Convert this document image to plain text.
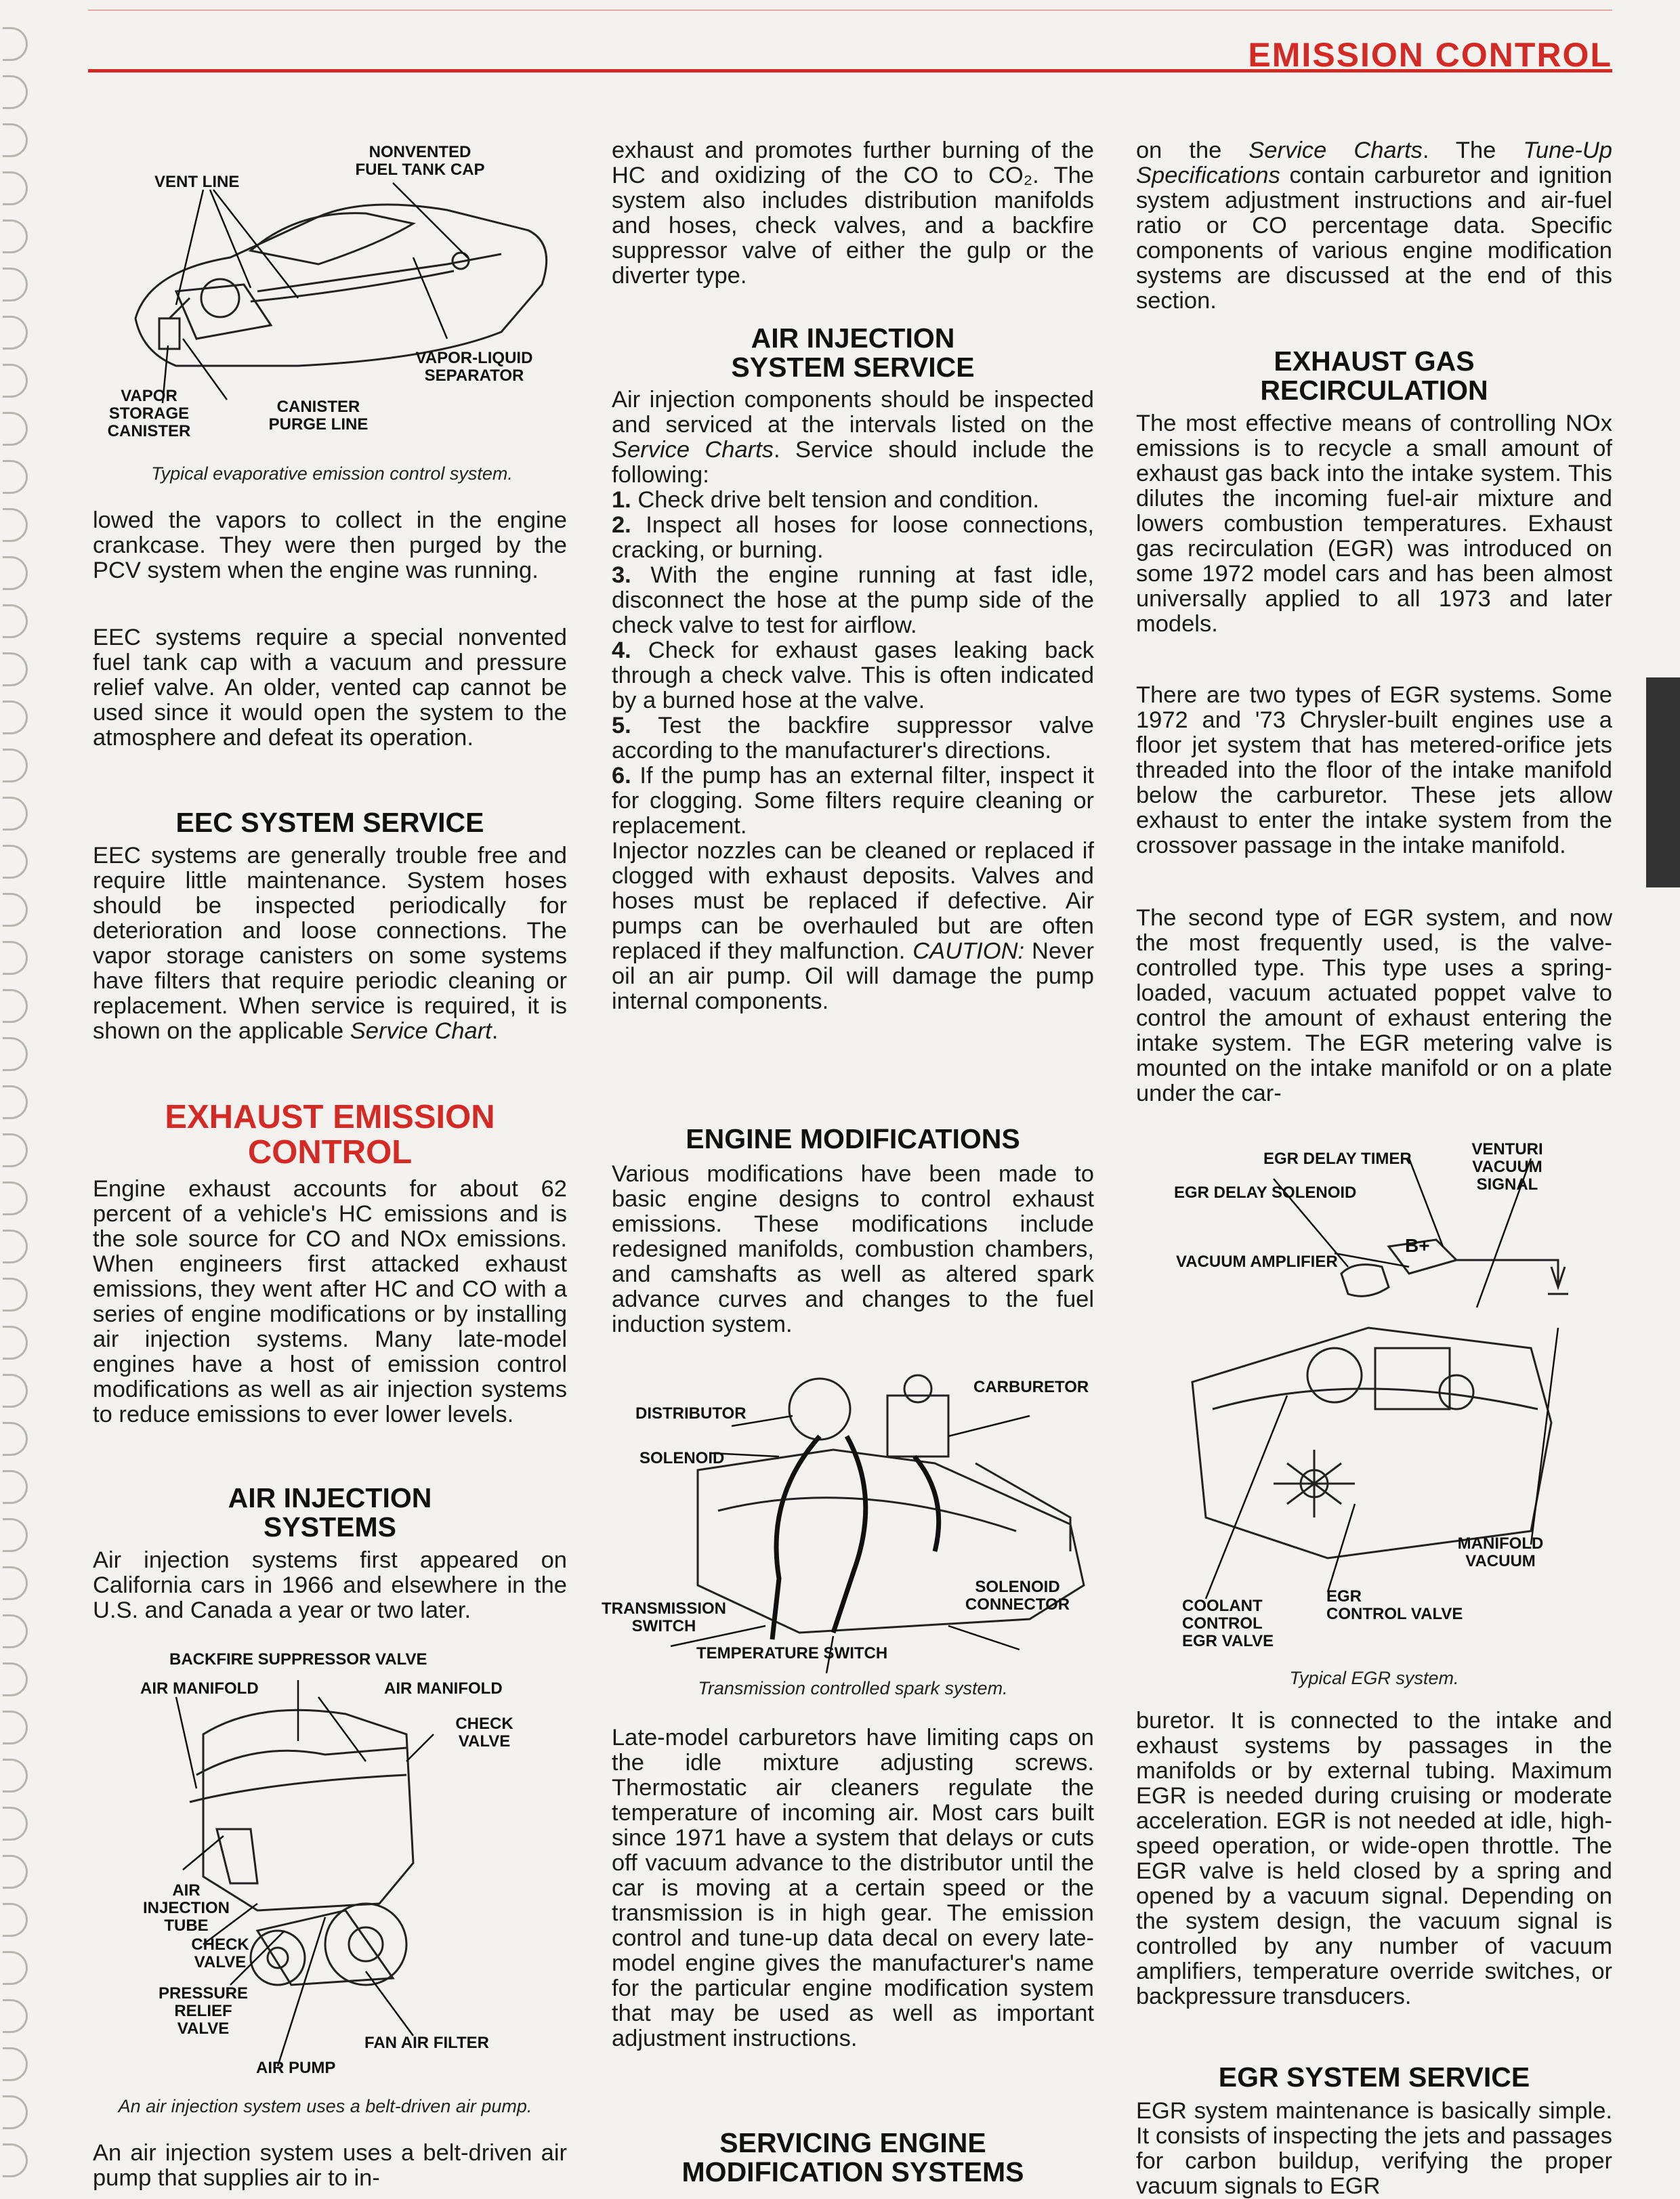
EMISSION CONTROL
NONVENTED
FUEL TANK CAP
VENT LINE
VAPOR-LIQUID
SEPARATOR
VAPOR
STORAGE
CANISTER
CANISTER
PURGE LINE
Typical evaporative emission control system.

lowed the vapors to collect in the engine crankcase. They were then purged by the PCV system when the engine was running.

EEC systems require a special nonvented fuel tank cap with a vacuum and pressure relief valve. An older, vented cap cannot be used since it would open the system to the atmosphere and defeat its operation.

EEC SYSTEM SERVICE

EEC systems are generally trouble free and require little maintenance. System hoses should be inspected periodically for deterioration and loose connections. The vapor storage canisters on some systems have filters that require periodic cleaning or replacement. When service is required, it is shown on the applicable Service Chart.

EXHAUST EMISSION
CONTROL

Engine exhaust accounts for about 62 percent of a vehicle's HC emissions and is the sole source for CO and NOx emissions. When engineers first attacked exhaust emissions, they went after HC and CO with a series of engine modifications or by installing air injection systems. Many late-model engines have a host of emission control modifications as well as air injection systems to reduce emissions to ever lower levels.

AIR INJECTION
SYSTEMS

Air injection systems first appeared on California cars in 1966 and elsewhere in the U.S. and Canada a year or two later.

BACKFIRE SUPPRESSOR VALVE
AIR MANIFOLD	AIR MANIFOLD
CHECK
VALVE
AIR
INJECTION
TUBE
CHECK
VALVE
PRESSURE
RELIEF
VALVE
FAN AIR FILTER
AIR PUMP
An air injection system uses a belt-driven air pump.

An air injection system uses a belt-driven air pump that supplies air to in-

exhaust and promotes further burning of the HC and oxidizing of the CO to CO₂. The system also includes distribution manifolds and hoses, check valves, and a backfire suppressor valve of either the gulp or the diverter type.

AIR INJECTION
SYSTEM SERVICE

Air injection components should be inspected and serviced at the intervals listed on the Service Charts. Service should include the following:

1. Check drive belt tension and condition.

2. Inspect all hoses for loose connections, cracking, or burning.

3. With the engine running at fast idle, disconnect the hose at the pump side of the check valve to test for airflow.

4. Check for exhaust gases leaking back through a check valve. This is often indicated by a burned hose at the valve.

5. Test the backfire suppressor valve according to the manufacturer's directions.

6. If the pump has an external filter, inspect it for clogging. Some filters require cleaning or replacement.

Injector nozzles can be cleaned or replaced if clogged with exhaust deposits. Valves and hoses must be replaced if defective. Air pumps can be overhauled but are often replaced if they malfunction. CAUTION: Never oil an air pump. Oil will damage the pump internal components.

ENGINE MODIFICATIONS

Various modifications have been made to basic engine designs to control exhaust emissions. These modifications include redesigned manifolds, combustion chambers, and camshafts as well as altered spark advance curves and changes to the fuel induction system.

CARBURETOR
DISTRIBUTOR
SOLENOID
TRANSMISSION
SWITCH
SOLENOID
CONNECTOR
TEMPERATURE SWITCH
Transmission controlled spark system.

Late-model carburetors have limiting caps on the idle mixture adjusting screws. Thermostatic air cleaners regulate the temperature of incoming air. Most cars built since 1971 have a system that delays or cuts off vacuum advance to the distributor until the car is moving at a certain speed or the transmission is in high gear. The emission control and tune-up data decal on every late-model engine gives the manufacturer's name for the particular engine modification system that may be used as well as important adjustment instructions.

SERVICING ENGINE
MODIFICATION SYSTEMS

on the Service Charts. The Tune-Up Specifications contain carburetor and ignition system adjustment instructions and air-fuel ratio or CO percentage data. Specific components of various engine modification systems are discussed at the end of this section.

EXHAUST GAS
RECIRCULATION

The most effective means of controlling NOx emissions is to recycle a small amount of exhaust gas back into the intake system. This dilutes the incoming fuel-air mixture and lowers combustion temperatures. Exhaust gas recirculation (EGR) was introduced on some 1972 model cars and has been almost universally applied to all 1973 and later models.

There are two types of EGR systems. Some 1972 and '73 Chrysler-built engines use a floor jet system that has metered-orifice jets threaded into the floor of the intake manifold below the carburetor. These jets allow exhaust to enter the intake system from the crossover passage in the intake manifold.

The second type of EGR system, and now the most frequently used, is the valve-controlled type. This type uses a spring-loaded, vacuum actuated poppet valve to control the amount of exhaust entering the intake system. The EGR metering valve is mounted on the intake manifold or on a plate under the car-

EGR DELAY TIMER
VENTURI
VACUUM
SIGNAL
EGR DELAY SOLENOID
B+
VACUUM AMPLIFIER
MANIFOLD
VACUUM
COOLANT
CONTROL
EGR VALVE
EGR
CONTROL VALVE
Typical EGR system.

buretor. It is connected to the intake and exhaust systems by passages in the manifolds or by external tubing. Maximum EGR is needed during cruising or moderate acceleration. EGR is not needed at idle, high-speed operation, or wide-open throttle. The EGR valve is held closed by a spring and opened by a vacuum signal. Depending on the system design, the vacuum signal is controlled by any number of vacuum amplifiers, temperature override switches, or backpressure transducers.

EGR SYSTEM SERVICE

EGR system maintenance is basically simple. It consists of inspecting the jets and passages for carbon buildup, verifying the proper vacuum signals to EGR
